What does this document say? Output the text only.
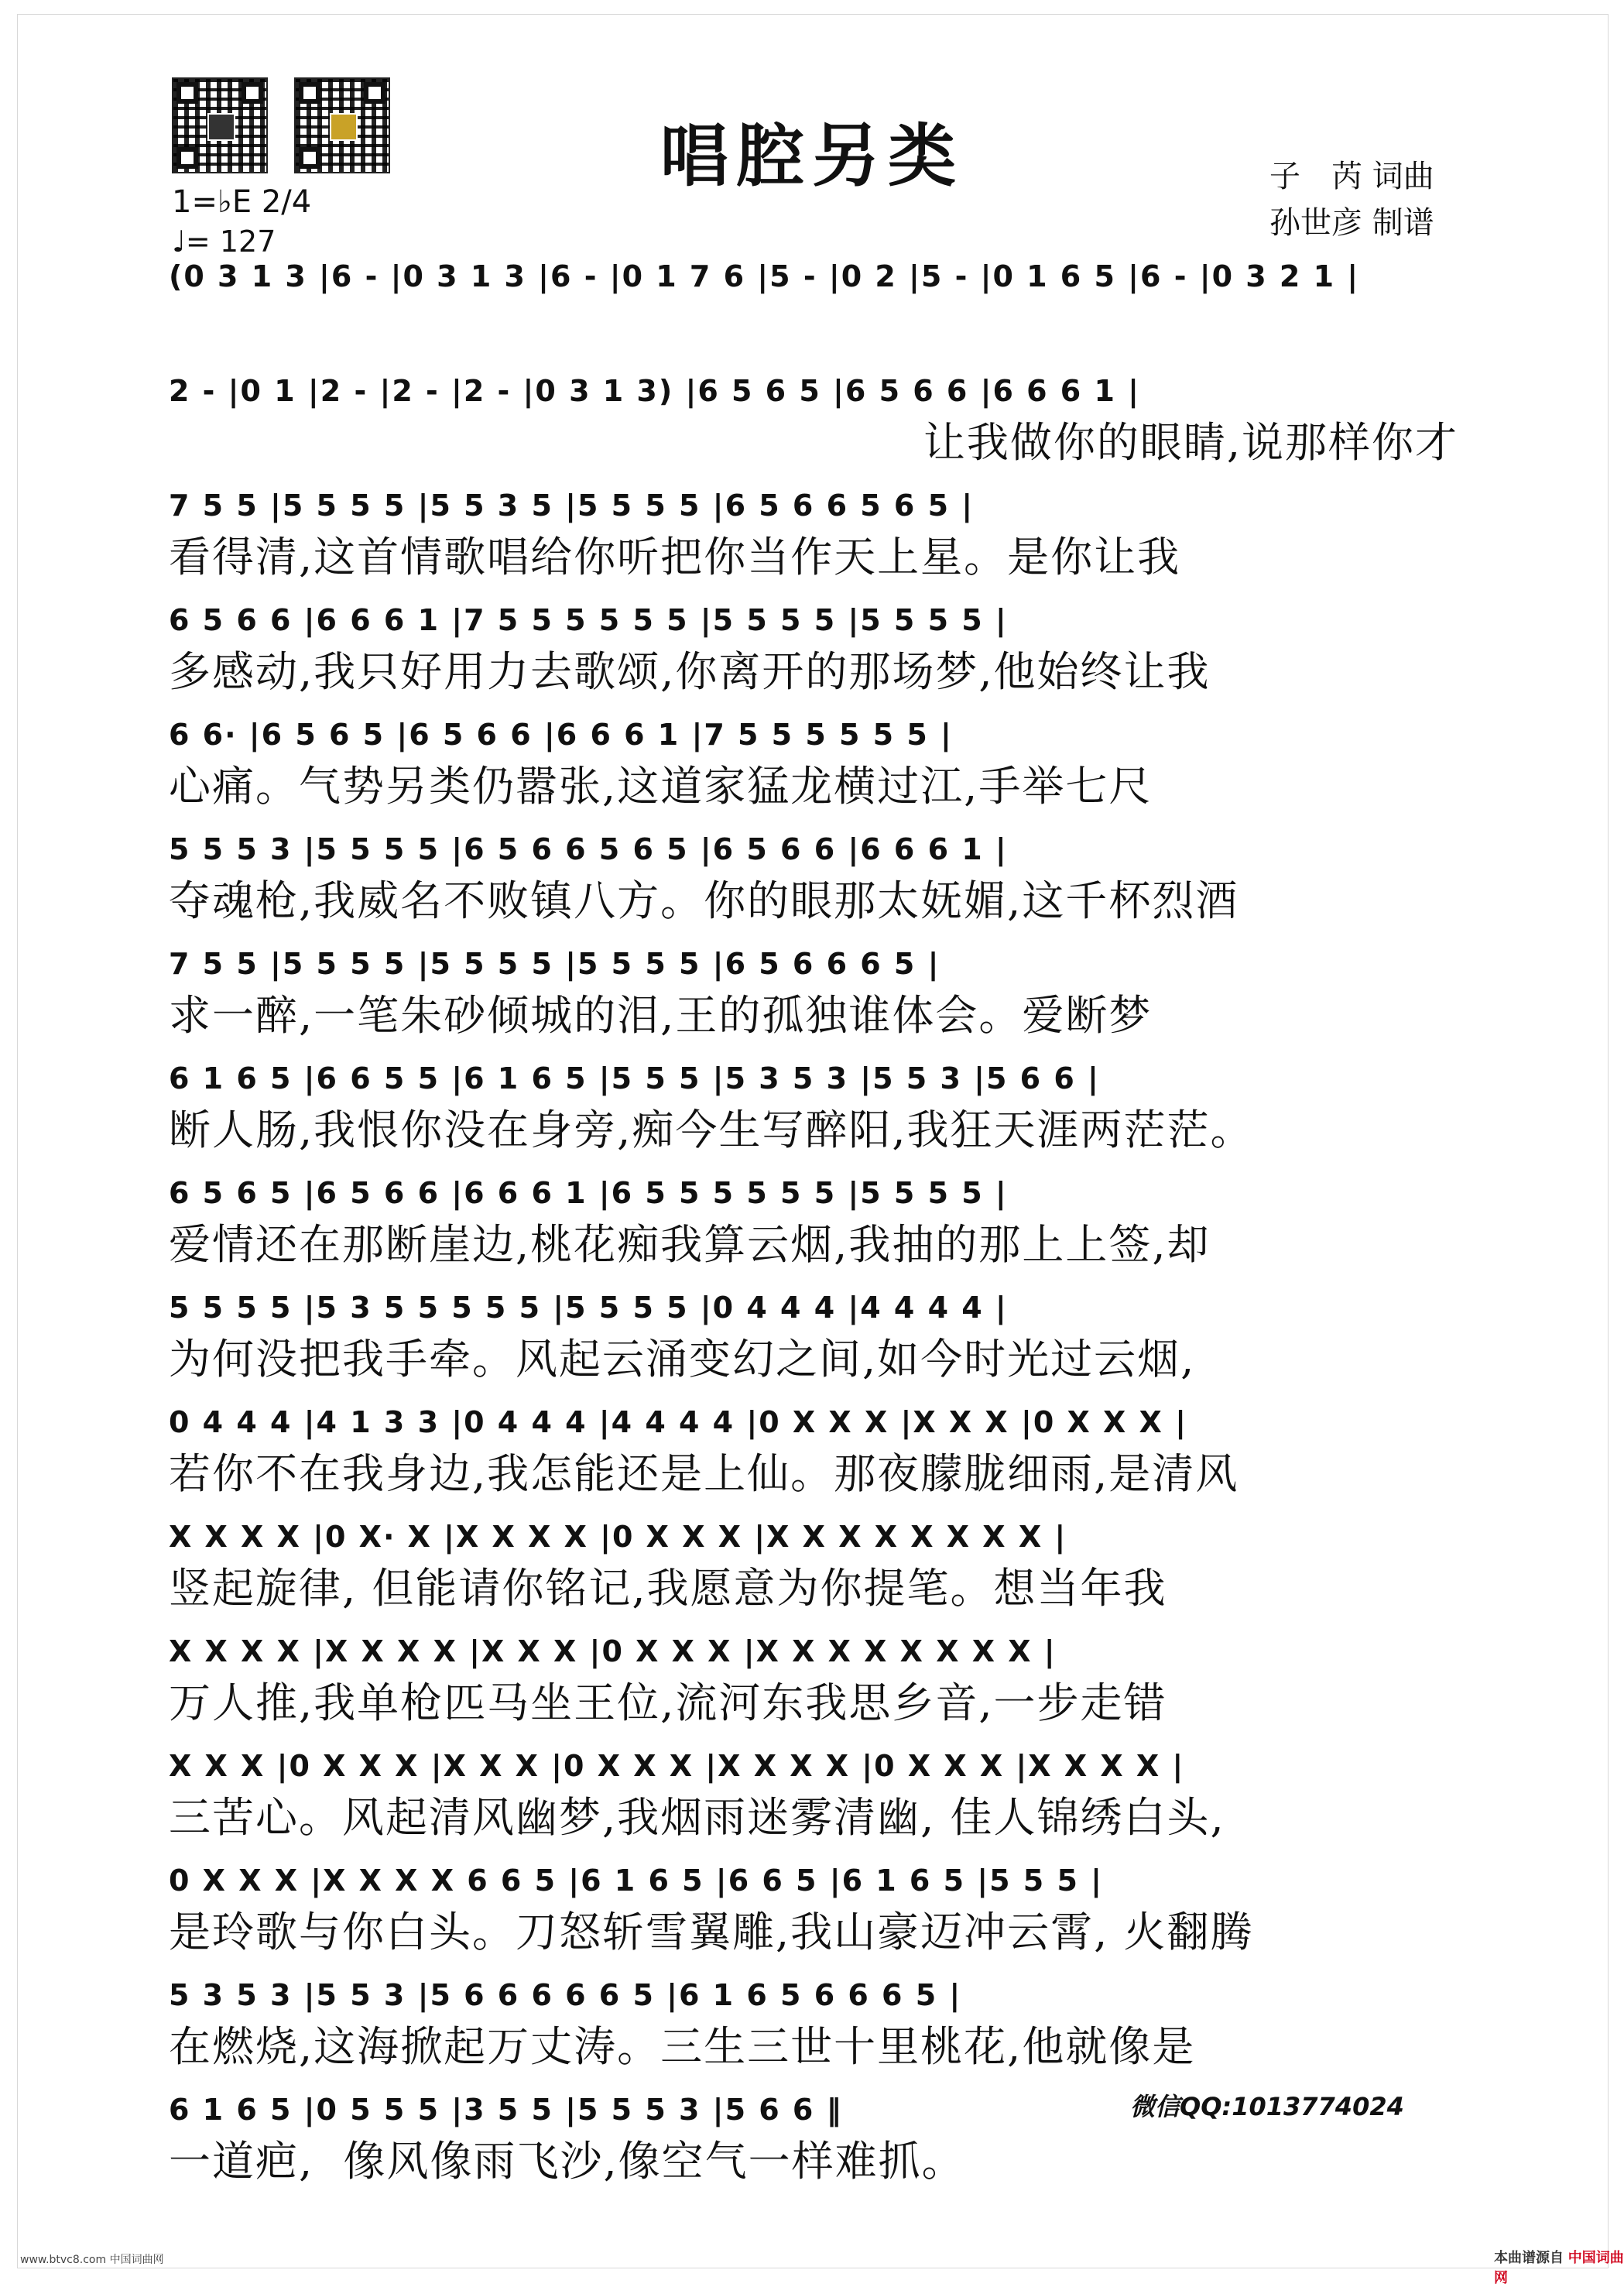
唱腔另类	子　芮 词曲
孙世彦 制谱
1=♭E 2/4
♩= 127
(0 3 1 3 |6 - |0 3 1 3 |6 - |0 1 7 6 |5 - |0 2 |5 - |0 1 6 5 |6 - |0 3 2 1 |
2 - |0 1 |2 - |2 - |2 - |0 3 1 3) |6 5 6 5 |6 5 6 6 |6 6 6 1 |
让我做你的眼睛,说那样你才
7 5 5 |5 5 5 5 |5 5 3 5 |5 5 5 5 |6 5 6 6 5 6 5 |
看得清,这首情歌唱给你听把你当作天上星。是你让我
6 5 6 6 |6 6 6 1 |7 5 5 5 5 5 5 |5 5 5 5 |5 5 5 5 |
多感动,我只好用力去歌颂,你离开的那场梦,他始终让我
6 6· |6 5 6 5 |6 5 6 6 |6 6 6 1 |7 5 5 5 5 5 5 |
心痛。气势另类仍嚣张,这道家猛龙横过江,手举七尺
5 5 5 3 |5 5 5 5 |6 5 6 6 5 6 5 |6 5 6 6 |6 6 6 1 |
夺魂枪,我威名不败镇八方。你的眼那太妩媚,这千杯烈酒
7 5 5 |5 5 5 5 |5 5 5 5 |5 5 5 5 |6 5 6 6 6 5 |
求一醉,一笔朱砂倾城的泪,王的孤独谁体会。爱断梦
6 1 6 5 |6 6 5 5 |6 1 6 5 |5 5 5 |5 3 5 3 |5 5 3 |5 6 6 |
断人肠,我恨你没在身旁,痴今生写醉阳,我狂天涯两茫茫。
6 5 6 5 |6 5 6 6 |6 6 6 1 |6 5 5 5 5 5 5 |5 5 5 5 |
爱情还在那断崖边,桃花痴我算云烟,我抽的那上上签,却
5 5 5 5 |5 3 5 5 5 5 5 |5 5 5 5 |0 4 4 4 |4 4 4 4 |
为何没把我手牵。风起云涌变幻之间,如今时光过云烟,
0 4 4 4 |4 1 3 3 |0 4 4 4 |4 4 4 4 |0 X X X |X X X |0 X X X |
若你不在我身边,我怎能还是上仙。那夜朦胧细雨,是清风
X X X X |0 X· X |X X X X |0 X X X |X X X X X X X X |
竖起旋律, 但能请你铭记,我愿意为你提笔。想当年我
X X X X |X X X X |X X X |0 X X X |X X X X X X X X |
万人推,我单枪匹马坐王位,流河东我思乡音,一步走错
X X X |0 X X X |X X X |0 X X X |X X X X |0 X X X |X X X X |
三苦心。风起清风幽梦,我烟雨迷雾清幽, 佳人锦绣白头,
0 X X X |X X X X 6 6 5 |6 1 6 5 |6 6 5 |6 1 6 5 |5 5 5 |
是玲歌与你白头。刀怒斩雪翼雕,我山豪迈冲云霄, 火翻腾
5 3 5 3 |5 5 3 |5 6 6 6 6 6 5 |6 1 6 5 6 6 6 5 |
在燃烧,这海掀起万丈涛。三生三世十里桃花,他就像是
6 1 6 5 |0 5 5 5 |3 5 5 |5 5 5 3 |5 6 6 ‖
一道疤,  像风像雨飞沙,像空气一样难抓。
微信QQ:1013774024
www.btvc8.com 中国词曲网	本曲谱源自 中国词曲网
